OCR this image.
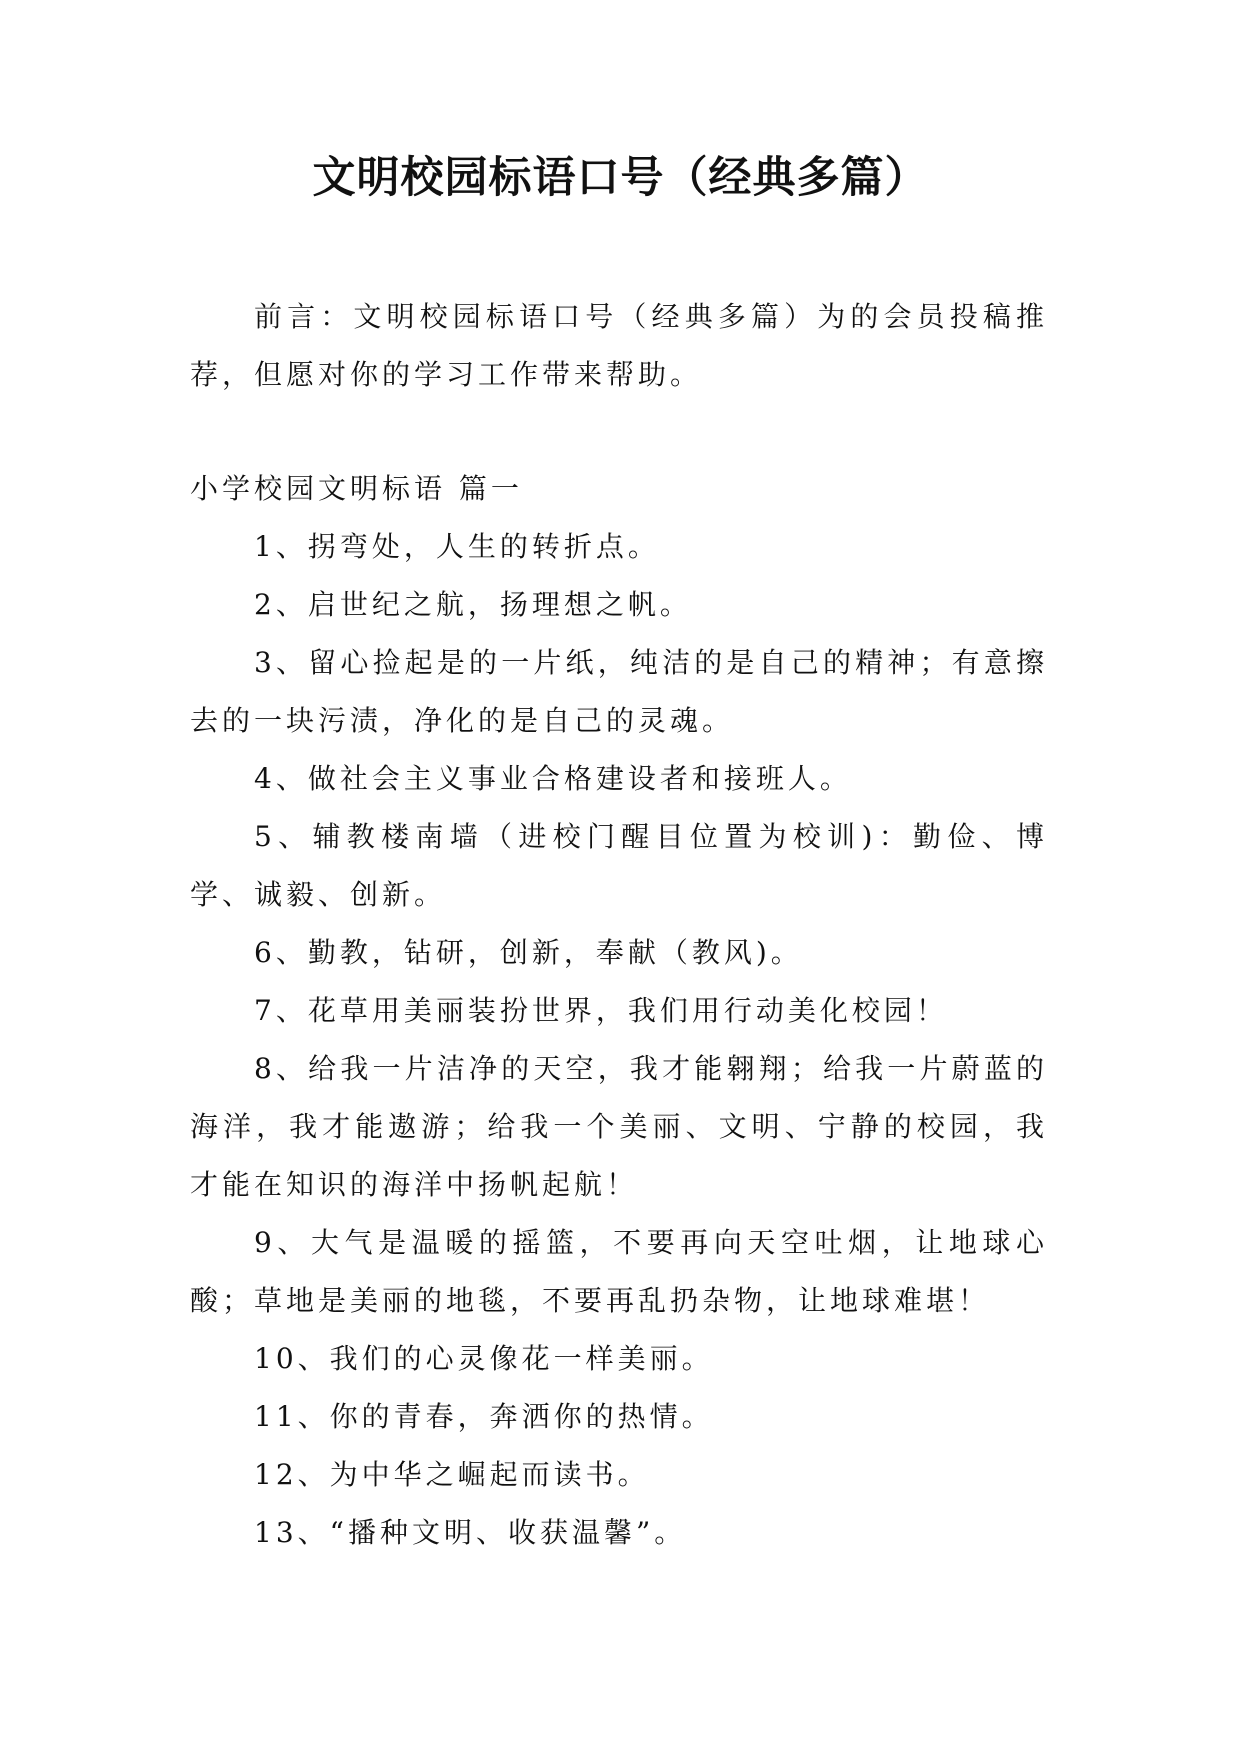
文明校园标语口号（经典多篇）

前言：文明校园标语口号（经典多篇）为的会员投稿推荐，但愿对你的学习工作带来帮助。

小学校园文明标语 篇一

1、拐弯处，人生的转折点。

2、启世纪之航，扬理想之帆。

3、留心捡起是的一片纸，纯洁的是自己的精神；有意擦去的一块污渍，净化的是自己的灵魂。

4、做社会主义事业合格建设者和接班人。

5、辅教楼南墙（进校门醒目位置为校训)：勤俭、博学、诚毅、创新。

6、勤教，钻研，创新，奉献（教风)。

7、花草用美丽装扮世界，我们用行动美化校园！

8、给我一片洁净的天空，我才能翱翔；给我一片蔚蓝的海洋，我才能遨游；给我一个美丽、文明、宁静的校园，我才能在知识的海洋中扬帆起航！

9、大气是温暖的摇篮，不要再向天空吐烟，让地球心酸；草地是美丽的地毯，不要再乱扔杂物，让地球难堪！

10、我们的心灵像花一样美丽。

11、你的青春，奔洒你的热情。

12、为中华之崛起而读书。

13、“播种文明、收获温馨”。
